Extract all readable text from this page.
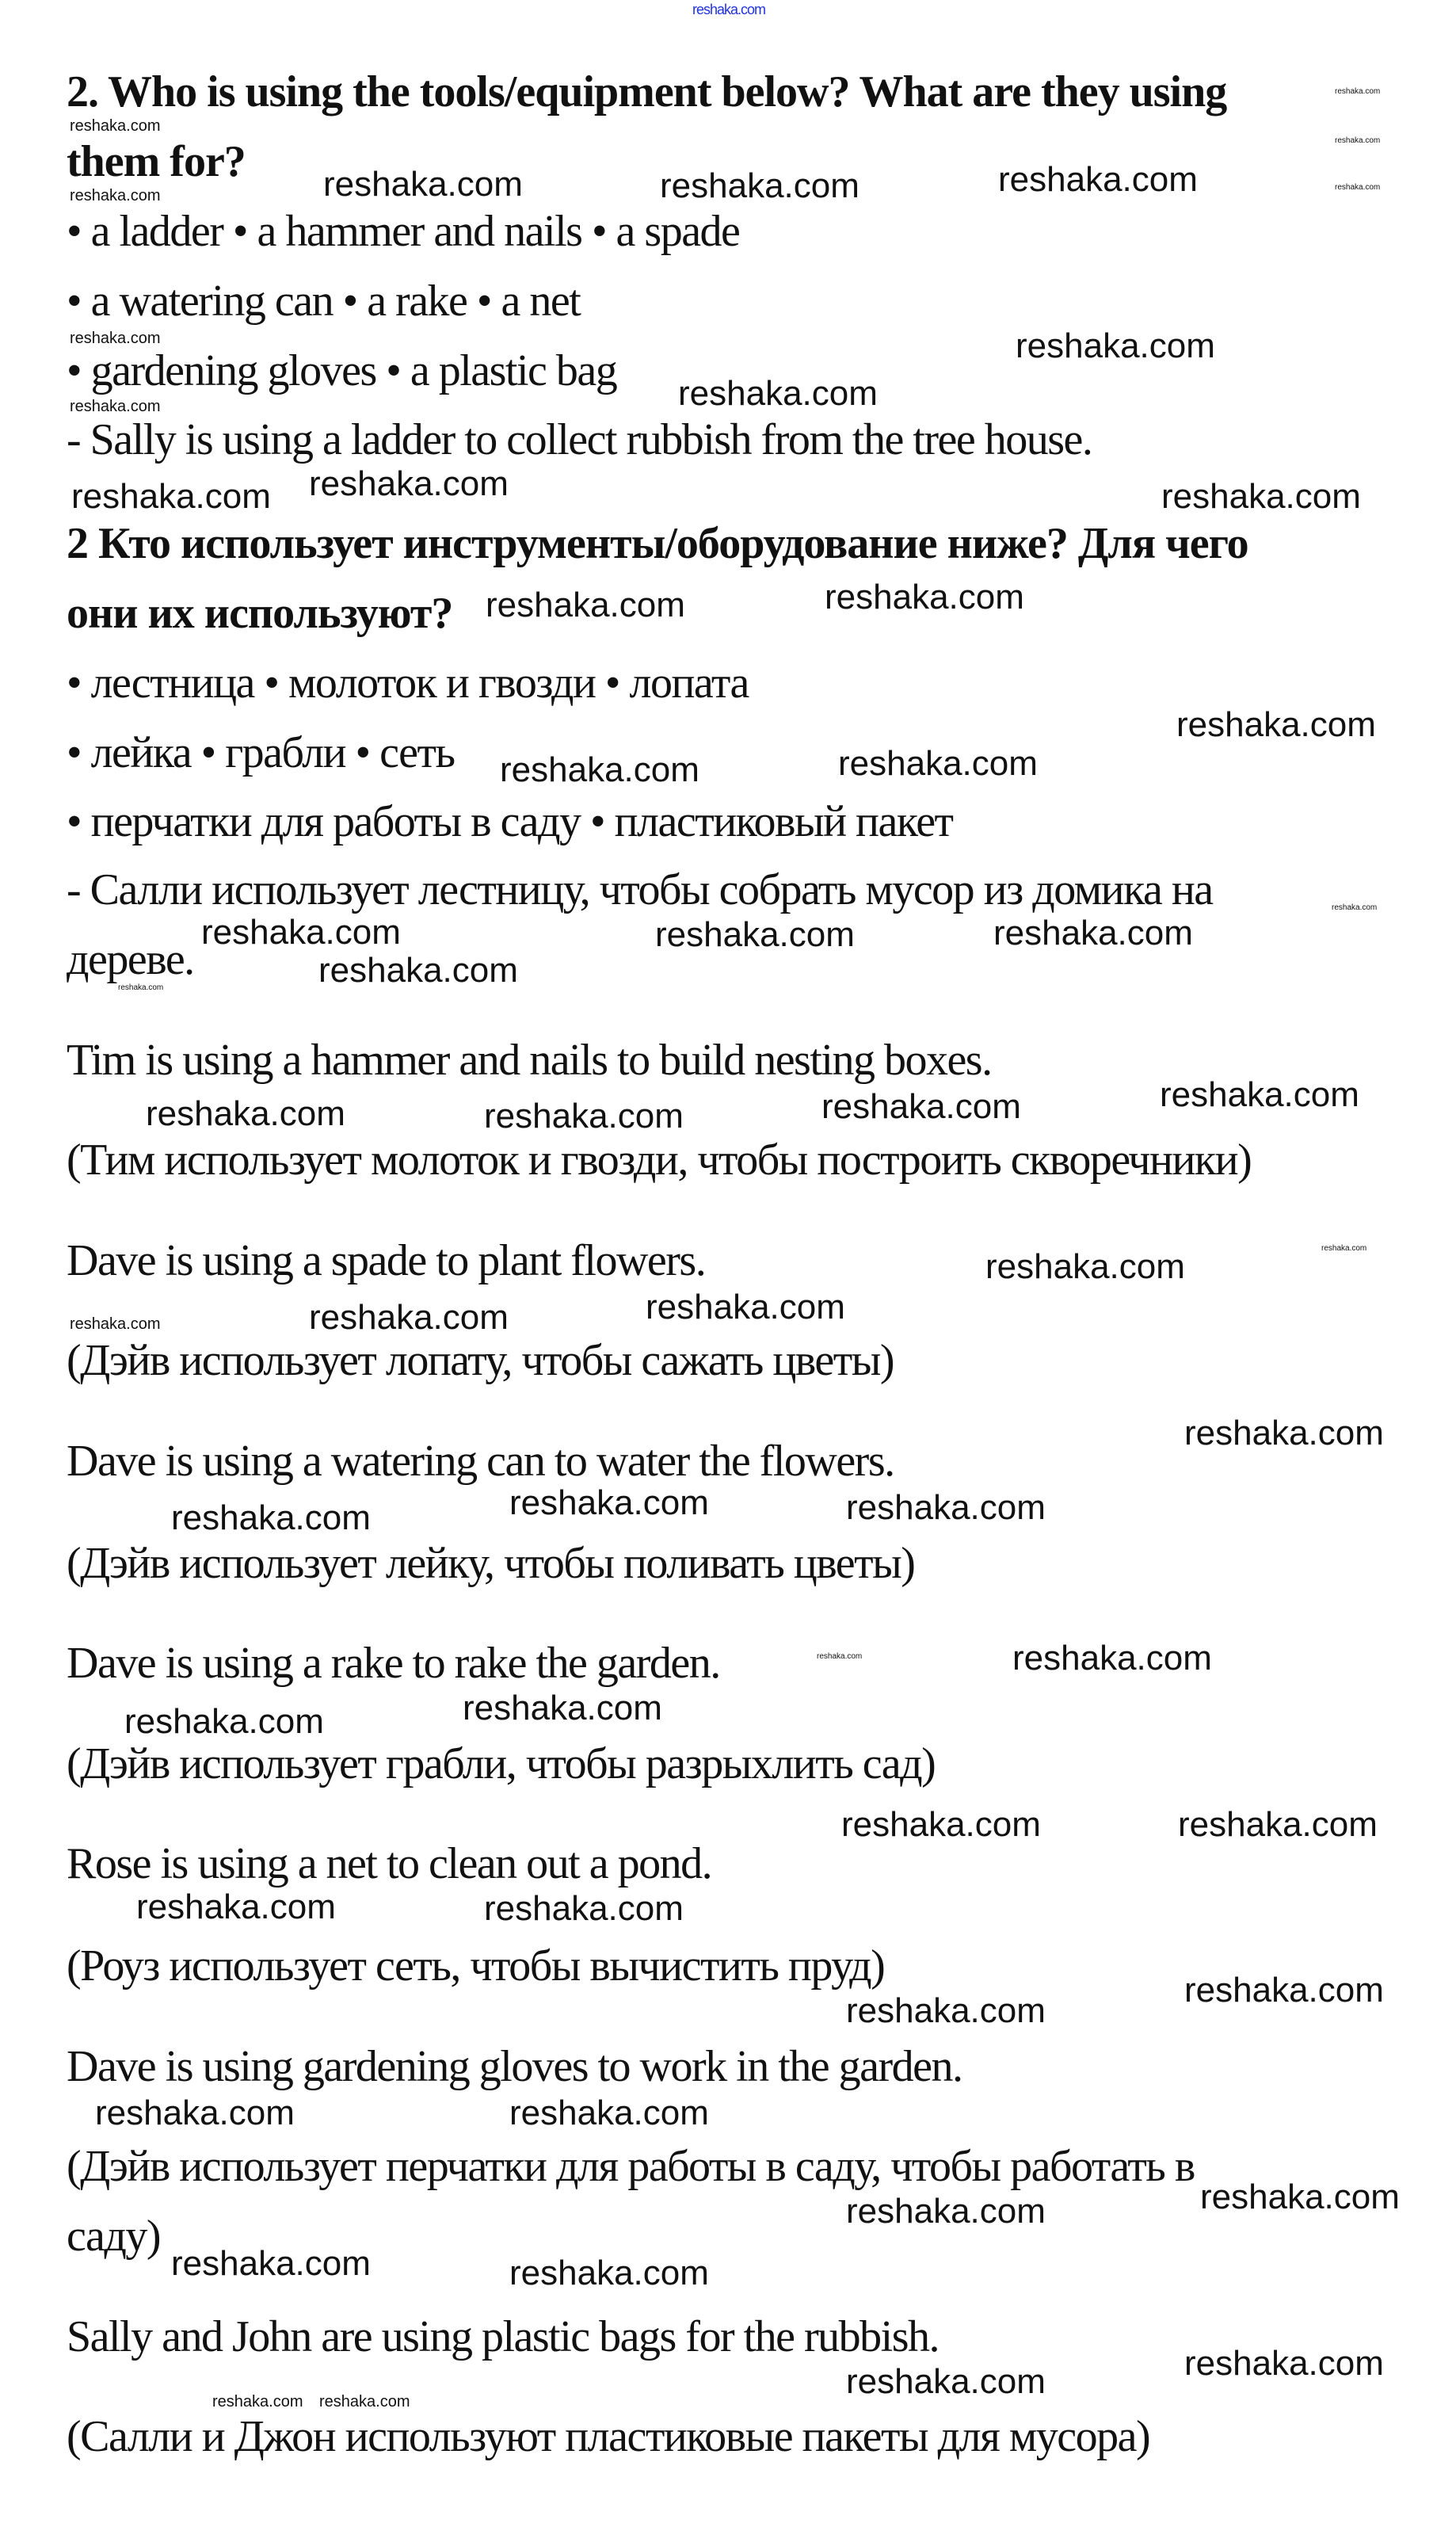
reshaka.com
2. Who is using the tools/equipment below? What are they using
them for?
• a ladder • a hammer and nails • a spade
• a watering can • a rake • a net
• gardening gloves • a plastic bag
- Sally is using a ladder to collect rubbish from the tree house.
2 Кто использует инструменты/оборудование ниже? Для чего
они их используют?
• лестница • молоток и гвозди • лопата
• лейка • грабли • сеть
• перчатки для работы в саду • пластиковый пакет
- Салли использует лестницу, чтобы собрать мусор из домика на
дереве.
Tim is using a hammer and nails to build nesting boxes.
(Тим использует молоток и гвозди, чтобы построить скворечники)
Dave is using a spade to plant flowers.
(Дэйв использует лопату, чтобы сажать цветы)
Dave is using a watering can to water the flowers.
(Дэйв использует лейку, чтобы поливать цветы)
Dave is using a rake to rake the garden.
(Дэйв использует грабли, чтобы разрыхлить сад)
Rose is using a net to clean out a pond.
(Роуз использует сеть, чтобы вычистить пруд)
Dave is using gardening gloves to work in the garden.
(Дэйв использует перчатки для работы в саду, чтобы работать в
саду)
Sally and John are using plastic bags for the rubbish.
(Салли и Джон используют пластиковые пакеты для мусора)
reshaka.com
reshaka.com	reshaka.com
reshaka.com
reshaka.com
reshaka.com
reshaka.com
reshaka.com
reshaka.com	reshaka.com
reshaka.com
reshaka.com	reshaka.com
reshaka.com	reshaka.com	reshaka.com
reshaka.com
reshaka.com	reshaka.com
reshaka.com	reshaka.com
reshaka.com
reshaka.com
reshaka.com
reshaka.com
reshaka.com	reshaka.com
reshaka.com
reshaka.com
reshaka.com
reshaka.com
reshaka.com	reshaka.com
reshaka.com	reshaka.com
reshaka.com
reshaka.com
reshaka.com	reshaka.com
reshaka.com	reshaka.com
reshaka.com	reshaka.com
reshaka.com	reshaka.com
reshaka.com
reshaka.com
reshaka.com
reshaka.com
reshaka.com
reshaka.com reshaka.com
reshaka.com
reshaka.com
reshaka.com
reshaka.com
reshaka.com
reshaka.com
reshaka.com
